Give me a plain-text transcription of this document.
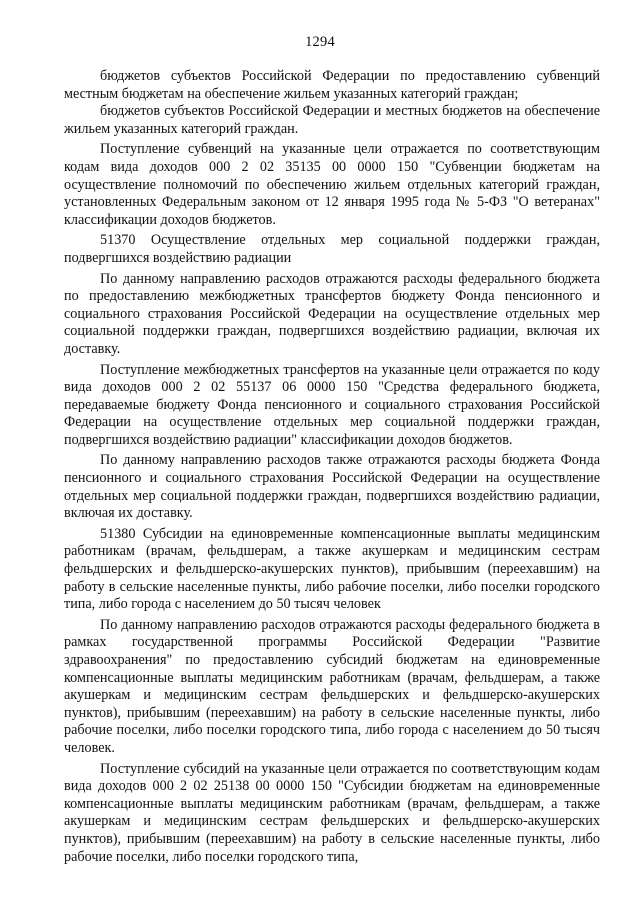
1294

бюджетов субъектов Российской Федерации по предоставлению субвенций местным бюджетам на обеспечение жильем указанных категорий граждан;

бюджетов субъектов Российской Федерации и местных бюджетов на обеспечение жильем указанных категорий граждан.

Поступление субвенций на указанные цели отражается по соответствующим кодам вида доходов 000 2 02 35135 00 0000 150 "Субвенции бюджетам на осуществление полномочий по обеспечению жильем отдельных категорий граждан, установленных Федеральным законом от 12 января 1995 года № 5-ФЗ "О ветеранах" классификации доходов бюджетов.

51370 Осуществление отдельных мер социальной поддержки граждан, подвергшихся воздействию радиации

По данному направлению расходов отражаются расходы федерального бюджета по предоставлению межбюджетных трансфертов бюджету Фонда пенсионного и социального страхования Российской Федерации на осуществление отдельных мер социальной поддержки граждан, подвергшихся воздействию радиации, включая их доставку.

Поступление межбюджетных трансфертов на указанные цели отражается по коду вида доходов 000 2 02 55137 06 0000 150 "Средства федерального бюджета, передаваемые бюджету Фонда пенсионного и социального страхования Российской Федерации на осуществление отдельных мер социальной поддержки граждан, подвергшихся воздействию радиации" классификации доходов бюджетов.

По данному направлению расходов также отражаются расходы бюджета Фонда пенсионного и социального страхования Российской Федерации на осуществление отдельных мер социальной поддержки граждан, подвергшихся воздействию радиации, включая их доставку.

51380 Субсидии на единовременные компенсационные выплаты медицинским работникам (врачам, фельдшерам, а также акушеркам и медицинским сестрам фельдшерских и фельдшерско-акушерских пунктов), прибывшим (переехавшим) на работу в сельские населенные пункты, либо рабочие поселки, либо поселки городского типа, либо города с населением до 50 тысяч человек

По данному направлению расходов отражаются расходы федерального бюджета в рамках государственной программы Российской Федерации "Развитие здравоохранения" по предоставлению субсидий бюджетам на единовременные компенсационные выплаты медицинским работникам (врачам, фельдшерам, а также акушеркам и медицинским сестрам фельдшерских и фельдшерско-акушерских пунктов), прибывшим (переехавшим) на работу в сельские населенные пункты, либо рабочие поселки, либо поселки городского типа, либо города с населением до 50 тысяч человек.

Поступление субсидий на указанные цели отражается по соответствующим кодам вида доходов 000 2 02 25138 00 0000 150 "Субсидии бюджетам на единовременные компенсационные выплаты медицинским работникам (врачам, фельдшерам, а также акушеркам и медицинским сестрам фельдшерских и фельдшерско-акушерских пунктов), прибывшим (переехавшим) на работу в сельские населенные пункты, либо рабочие поселки, либо поселки городского типа,
